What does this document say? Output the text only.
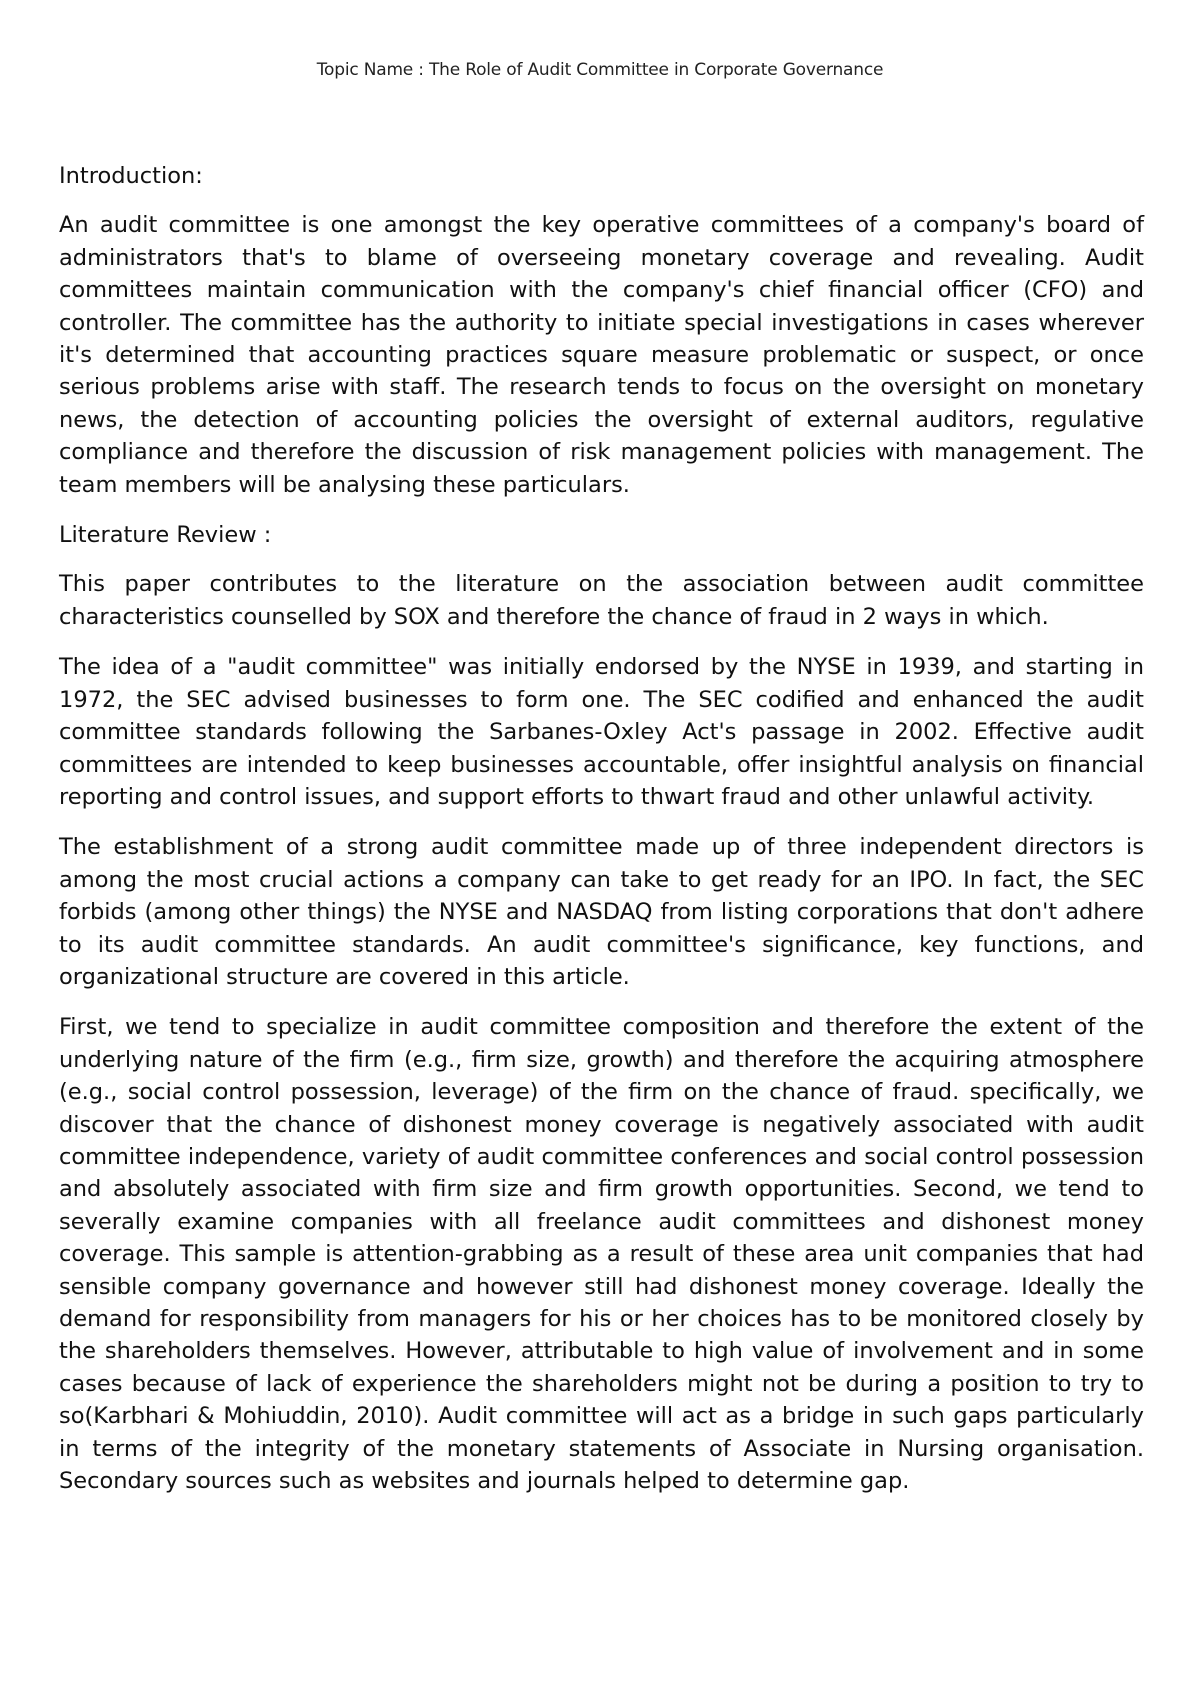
Topic Name : The Role of Audit Committee in Corporate Governance
Introduction:

An audit committee is one amongst the key operative committees of a company's board of administrators that's to blame of overseeing monetary coverage and revealing. Audit committees maintain communication with the company's chief financial officer (CFO) and controller. The committee has the authority to initiate special investigations in cases wherever it's determined that accounting practices square measure problematic or suspect, or once serious problems arise with staff. The research tends to focus on the oversight on monetary news, the detection of accounting policies the oversight of external auditors, regulative compliance and therefore the discussion of risk management policies with management. The team members will be analysing these particulars.

Literature Review :

This paper contributes to the literature on the association between audit committee characteristics counselled by SOX and therefore the chance of fraud in 2 ways in which.

The idea of a "audit committee" was initially endorsed by the NYSE in 1939, and starting in 1972, the SEC advised businesses to form one. The SEC codified and enhanced the audit committee standards following the Sarbanes-Oxley Act's passage in 2002. Effective audit committees are intended to keep businesses accountable, offer insightful analysis on financial reporting and control issues, and support efforts to thwart fraud and other unlawful activity.

The establishment of a strong audit committee made up of three independent directors is among the most crucial actions a company can take to get ready for an IPO. In fact, the SEC forbids (among other things) the NYSE and NASDAQ from listing corporations that don't adhere to its audit committee standards. An audit committee's significance, key functions, and organizational structure are covered in this article.

First, we tend to specialize in audit committee composition and therefore the extent of the underlying nature of the firm (e.g., firm size, growth) and therefore the acquiring atmosphere (e.g., social control possession, leverage) of the firm on the chance of fraud. specifically, we discover that the chance of dishonest money coverage is negatively associated with audit committee independence, variety of audit committee conferences and social control possession and absolutely associated with firm size and firm growth opportunities. Second, we tend to severally examine companies with all freelance audit committees and dishonest money coverage. This sample is attention-grabbing as a result of these area unit companies that had sensible company governance and however still had dishonest money coverage. Ideally the demand for responsibility from managers for his or her choices has to be monitored closely by the shareholders themselves. However, attributable to high value of involvement and in some cases because of lack of experience the shareholders might not be during a position to try to so(Karbhari & Mohiuddin, 2010). Audit committee will act as a bridge in such gaps particularly in terms of the integrity of the monetary statements of Associate in Nursing organisation. Secondary sources such as websites and journals helped to determine gap.
